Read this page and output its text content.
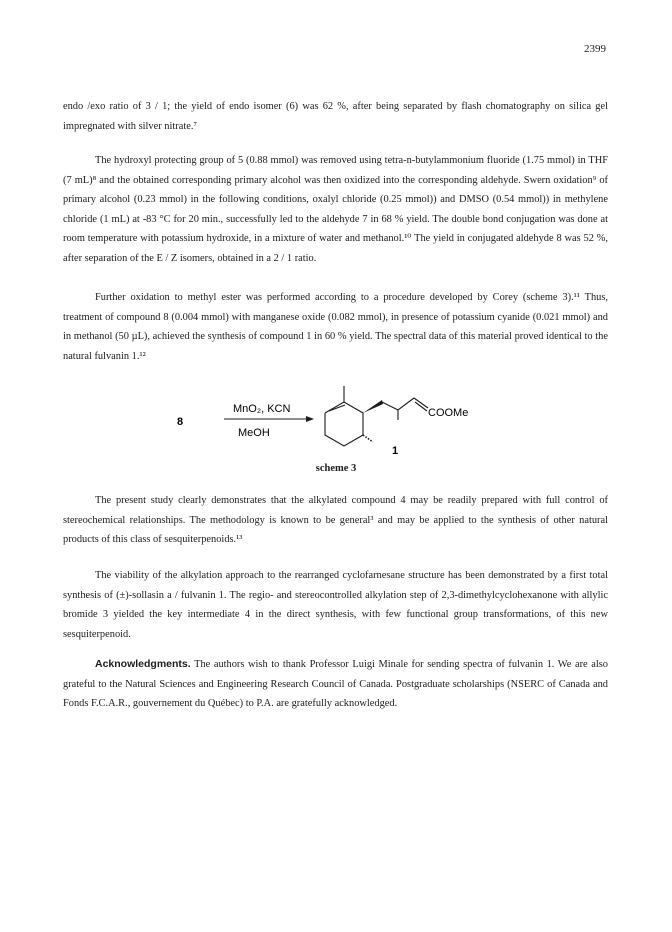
2399

endo /exo ratio of 3 / 1; the yield of endo isomer (6) was 62 %, after being separated by flash chomatography on silica gel impregnated with silver nitrate.⁷

The hydroxyl protecting group of 5 (0.88 mmol) was removed using tetra-n-butylammonium fluoride (1.75 mmol) in THF (7 mL)⁸ and the obtained corresponding primary alcohol was then oxidized into the corresponding aldehyde. Swern oxidation⁹ of primary alcohol (0.23 mmol) in the following conditions, oxalyl chloride (0.25 mmol)) and DMSO (0.54 mmol)) in methylene chloride (1 mL) at -83 °C for 20 min., successfully led to the aldehyde 7 in 68 % yield. The double bond conjugation was done at room temperature with potassium hydroxide, in a mixture of water and methanol.¹⁰ The yield in conjugated aldehyde 8 was 52 %, after separation of the E / Z isomers, obtained in a 2 / 1 ratio.

Further oxidation to methyl ester was performed according to a procedure developed by Corey (scheme 3).¹¹ Thus, treatment of compound 8 (0.004 mmol) with manganese oxide (0.082 mmol), in presence of potassium cyanide (0.021 mmol) and in methanol (50 µL), achieved the synthesis of compound 1 in 60 % yield. The spectral data of this material proved identical to the natural fulvanin 1.¹²

8
MnO₂, KCN
MeOH
COOMe
1
scheme 3

The present study clearly demonstrates that the alkylated compound 4 may be readily prepared with full control of stereochemical relationships. The methodology is known to be general³ and may be applied to the synthesis of other natural products of this class of sesquiterpenoids.¹³

The viability of the alkylation approach to the rearranged cyclofarnesane structure has been demonstrated by a first total synthesis of (±)-sollasin a / fulvanin 1. The regio- and stereocontrolled alkylation step of 2,3-dimethylcyclohexanone with allylic bromide 3 yielded the key intermediate 4 in the direct synthesis, with few functional group transformations, of this new sesquiterpenoid.

Acknowledgments. The authors wish to thank Professor Luigi Minale for sending spectra of fulvanin 1. We are also grateful to the Natural Sciences and Engineering Research Council of Canada. Postgraduate scholarships (NSERC of Canada and Fonds F.C.A.R., gouvernement du Québec) to P.A. are gratefully acknowledged.
